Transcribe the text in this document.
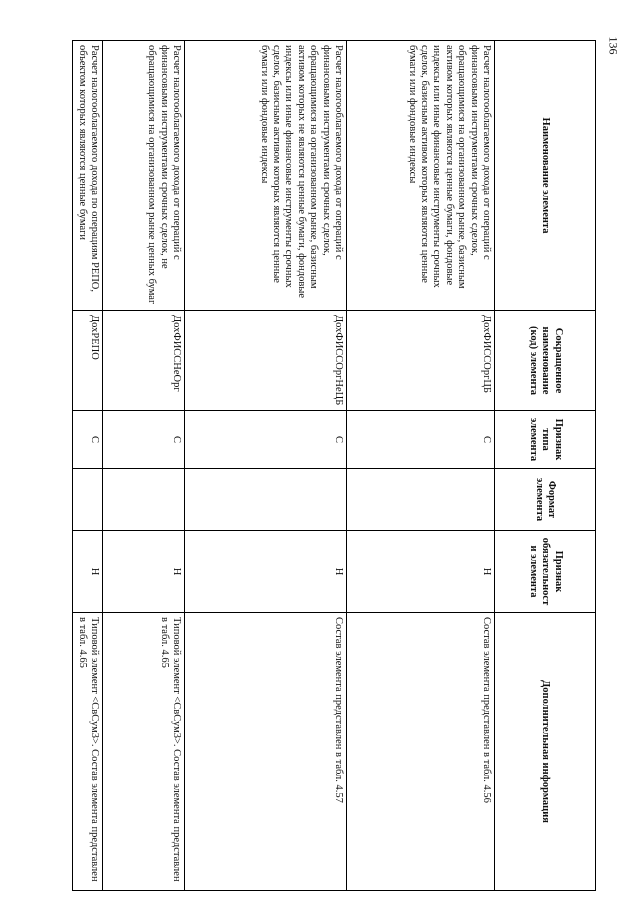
136
Наименование элемента	Сокращенное наименование (код) элемента	Признак типа элемента	Формат элемента	Признак обязательности элемента	Дополнительная информация
Расчет налогооблагаемого дохода от операций с финансовыми инструментами срочных сделок, обращающимися на организованном рынке, базисным активом которых являются ценные бумаги, фондовые индексы или иные финансовые инструменты срочных сделок, базисным активом которых являются ценные бумаги или фондовые индексы	ДохФИССОргЦБ	С		Н	Состав элемента представлен в табл. 4.56
Расчет налогооблагаемого дохода от операций с финансовыми инструментами срочных сделок, обращающимися на организованном рынке, базисным активом которых не являются ценные бумаги, фондовые индексы или иные финансовые инструменты срочных сделок, базисным активом которых являются ценные бумаги или фондовые индексы	ДохФИССОргНеЦБ	С		Н	Состав элемента представлен в табл. 4.57
Расчет налогооблагаемого дохода от операций с финансовыми инструментами срочных сделок, не обращающимися на организованном рынке ценных бумаг	ДохФИССНеОрг	С		Н	Типовой элемент <СвСум3>. Состав элемента представлен в табл. 4.65
Расчет налогооблагаемого дохода по операциям РЕПО, объектом которых являются ценные бумаги	ДохРЕПО	С		Н	Типовой элемент <СвСум3>. Состав элемента представлен в табл. 4.65
